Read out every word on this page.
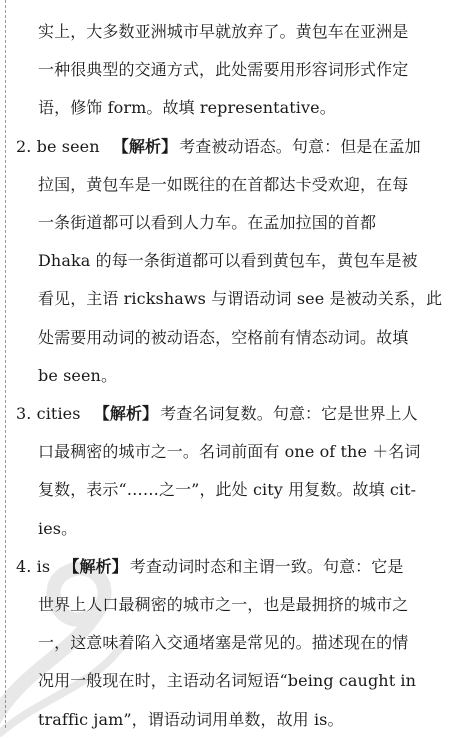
实上，大多数亚洲城市早就放弃了。黄包车在亚洲是
一种很典型的交通方式，此处需要用形容词形式作定
语，修饰 form。故填 representative。
2. be seen 【解析】 考查被动语态。句意：但是在孟加
拉国，黄包车是一如既往的在首都达卡受欢迎，在每
一条街道都可以看到人力车。在孟加拉国的首都
Dhaka 的每一条街道都可以看到黄包车，黄包车是被
看见，主语 rickshaws 与谓语动词 see 是被动关系，此
处需要用动词的被动语态，空格前有情态动词。故填
be seen。
3. cities 【解析】 考查名词复数。句意：它是世界上人
口最稠密的城市之一。名词前面有 one of the ＋名词
复数，表示“……之一”，此处 city 用复数。故填 cit-
ies。
4. is 【解析】 考查动词时态和主谓一致。句意：它是
世界上人口最稠密的城市之一，也是最拥挤的城市之
一，这意味着陷入交通堵塞是常见的。描述现在的情
况用一般现在时，主语动名词短语“being caught in
traffic jam”，谓语动词用单数，故用 is。
